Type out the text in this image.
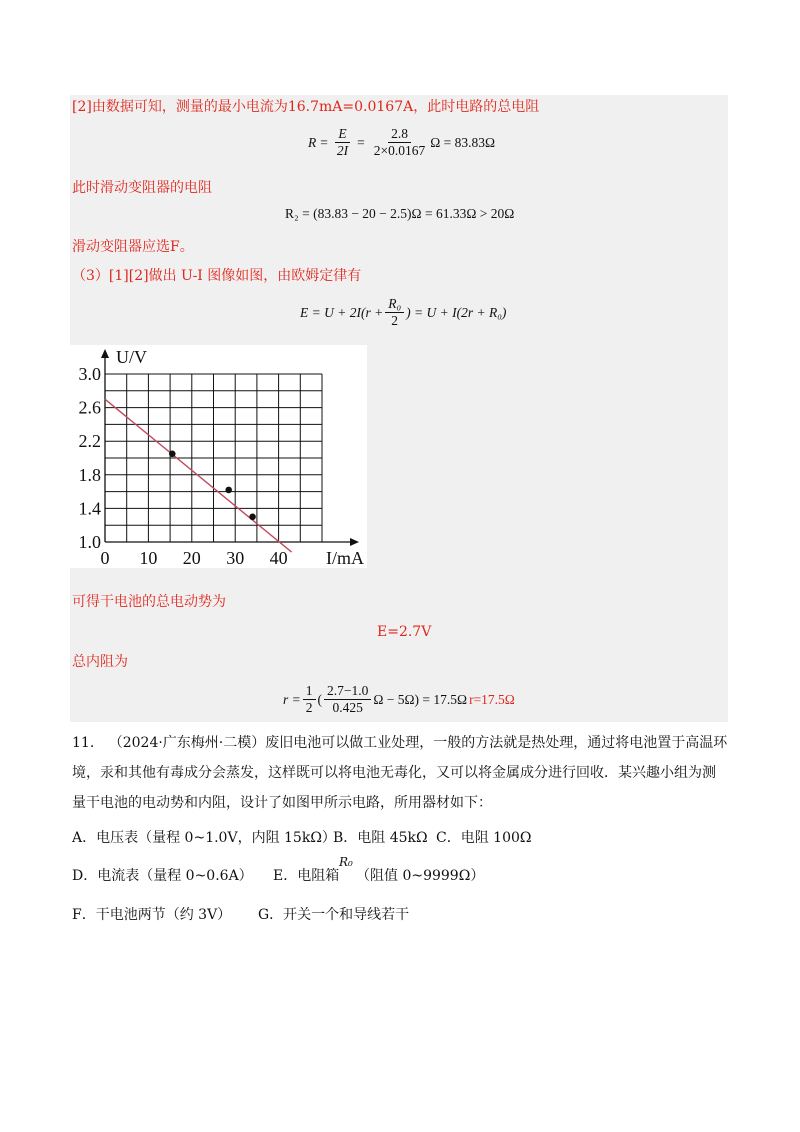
[2]由数据可知，测量的最小电流为16.7mA=0.0167A，此时电路的总电阻
$R = \frac{E}{2I} = \frac{2.8}{2\times 0.0167}$ Ω = 83.83Ω
此时滑动变阻器的电阻
R₂ = (83.83 − 20 − 2.5)Ω = 61.33Ω > 20Ω
滑动变阻器应选F。
（3）[1][2]做出 U-I 图像如图，由欧姆定律有
$E = U + 2I(r + \frac{\text{R₀}}{2}$ ) = U + I(2r + R₀)
3.0
2.6
2.2
1.8
1.4
1.0
0 10 20 30 40 I/mA
U/V
可得干电池的总电动势为
E=2.7V
总内阻为
$r = \frac{1}{2}$ ( $\frac{2.7-1.0}{0.425}$ Ω − 5Ω) = 17.5Ω r=17.5Ω
11. （2024·广东梅州·二模）废旧电池可以做工业处理，一般的方法就是热处理，通过将电池置于高温环
境，汞和其他有毒成分会蒸发，这样既可以将电池无毒化，又可以将金属成分进行回收．某兴趣小组为测
量干电池的电动势和内阻，设计了如图甲所示电路，所用器材如下：
A．电压表（量程 0~1.0V，内阻 15kΩ）
B．电阻 45kΩ C．电阻 100Ω
D．电流表（量程 0~0.6A） E．电阻箱
R₀
（阻值 0~9999Ω）
F．干电池两节（约 3V） G．开关一个和导线若干
